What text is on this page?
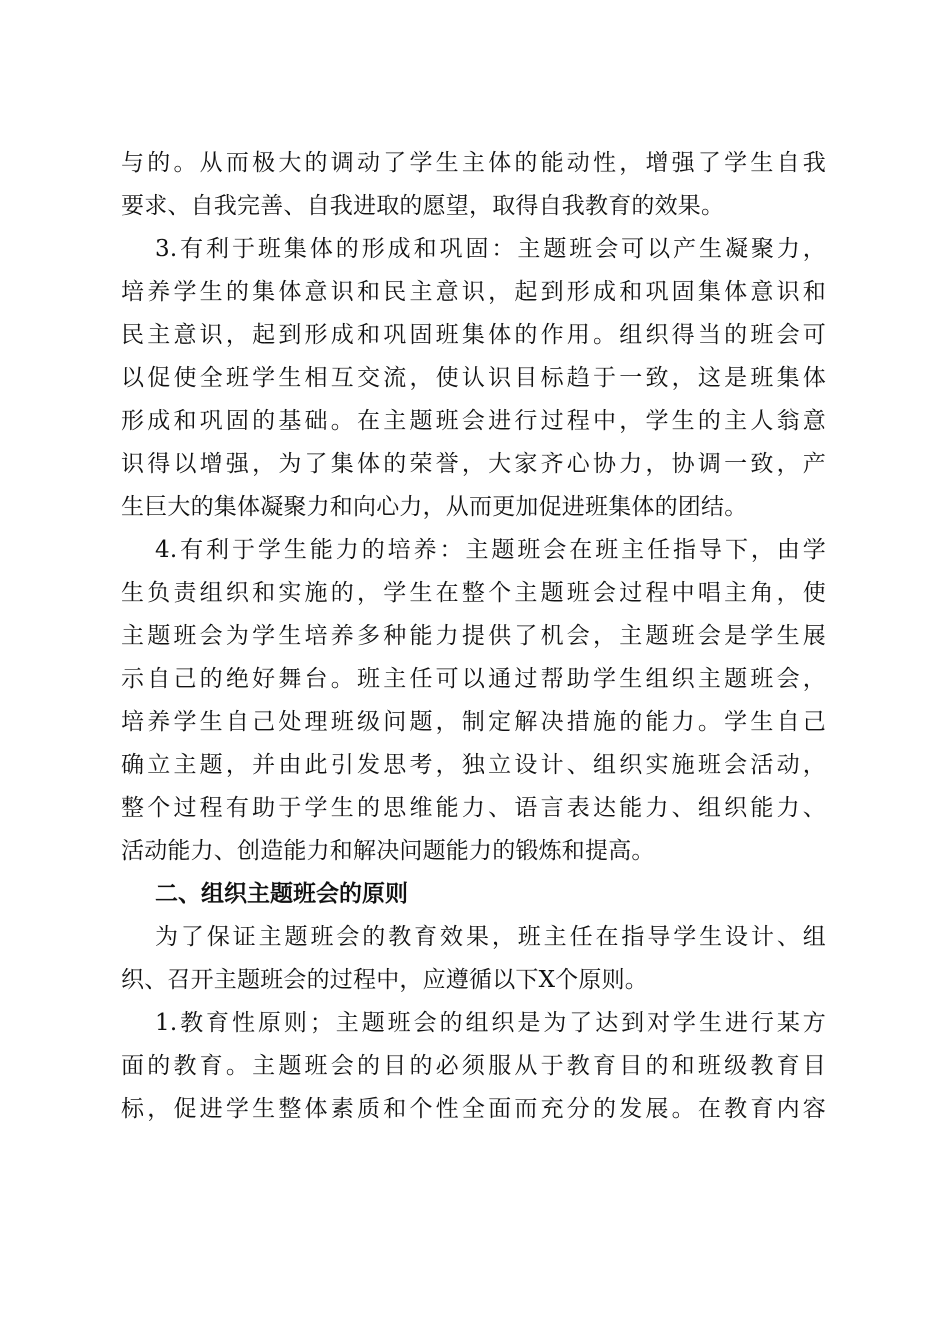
与的。从而极大的调动了学生主体的能动性，增强了学生自我
要求、自我完善、自我进取的愿望，取得自我教育的效果。
3.有利于班集体的形成和巩固：主题班会可以产生凝聚力，
培养学生的集体意识和民主意识，起到形成和巩固集体意识和
民主意识，起到形成和巩固班集体的作用。组织得当的班会可
以促使全班学生相互交流，使认识目标趋于一致，这是班集体
形成和巩固的基础。在主题班会进行过程中，学生的主人翁意
识得以增强，为了集体的荣誉，大家齐心协力，协调一致，产
生巨大的集体凝聚力和向心力，从而更加促进班集体的团结。
4.有利于学生能力的培养：主题班会在班主任指导下，由学
生负责组织和实施的，学生在整个主题班会过程中唱主角，使
主题班会为学生培养多种能力提供了机会，主题班会是学生展
示自己的绝好舞台。班主任可以通过帮助学生组织主题班会，
培养学生自己处理班级问题，制定解决措施的能力。学生自己
确立主题，并由此引发思考，独立设计、组织实施班会活动，
整个过程有助于学生的思维能力、语言表达能力、组织能力、
活动能力、创造能力和解决问题能力的锻炼和提高。
二、组织主题班会的原则
为了保证主题班会的教育效果，班主任在指导学生设计、组
织、召开主题班会的过程中，应遵循以下X个原则。
1.教育性原则；主题班会的组织是为了达到对学生进行某方
面的教育。主题班会的目的必须服从于教育目的和班级教育目
标，促进学生整体素质和个性全面而充分的发展。在教育内容
